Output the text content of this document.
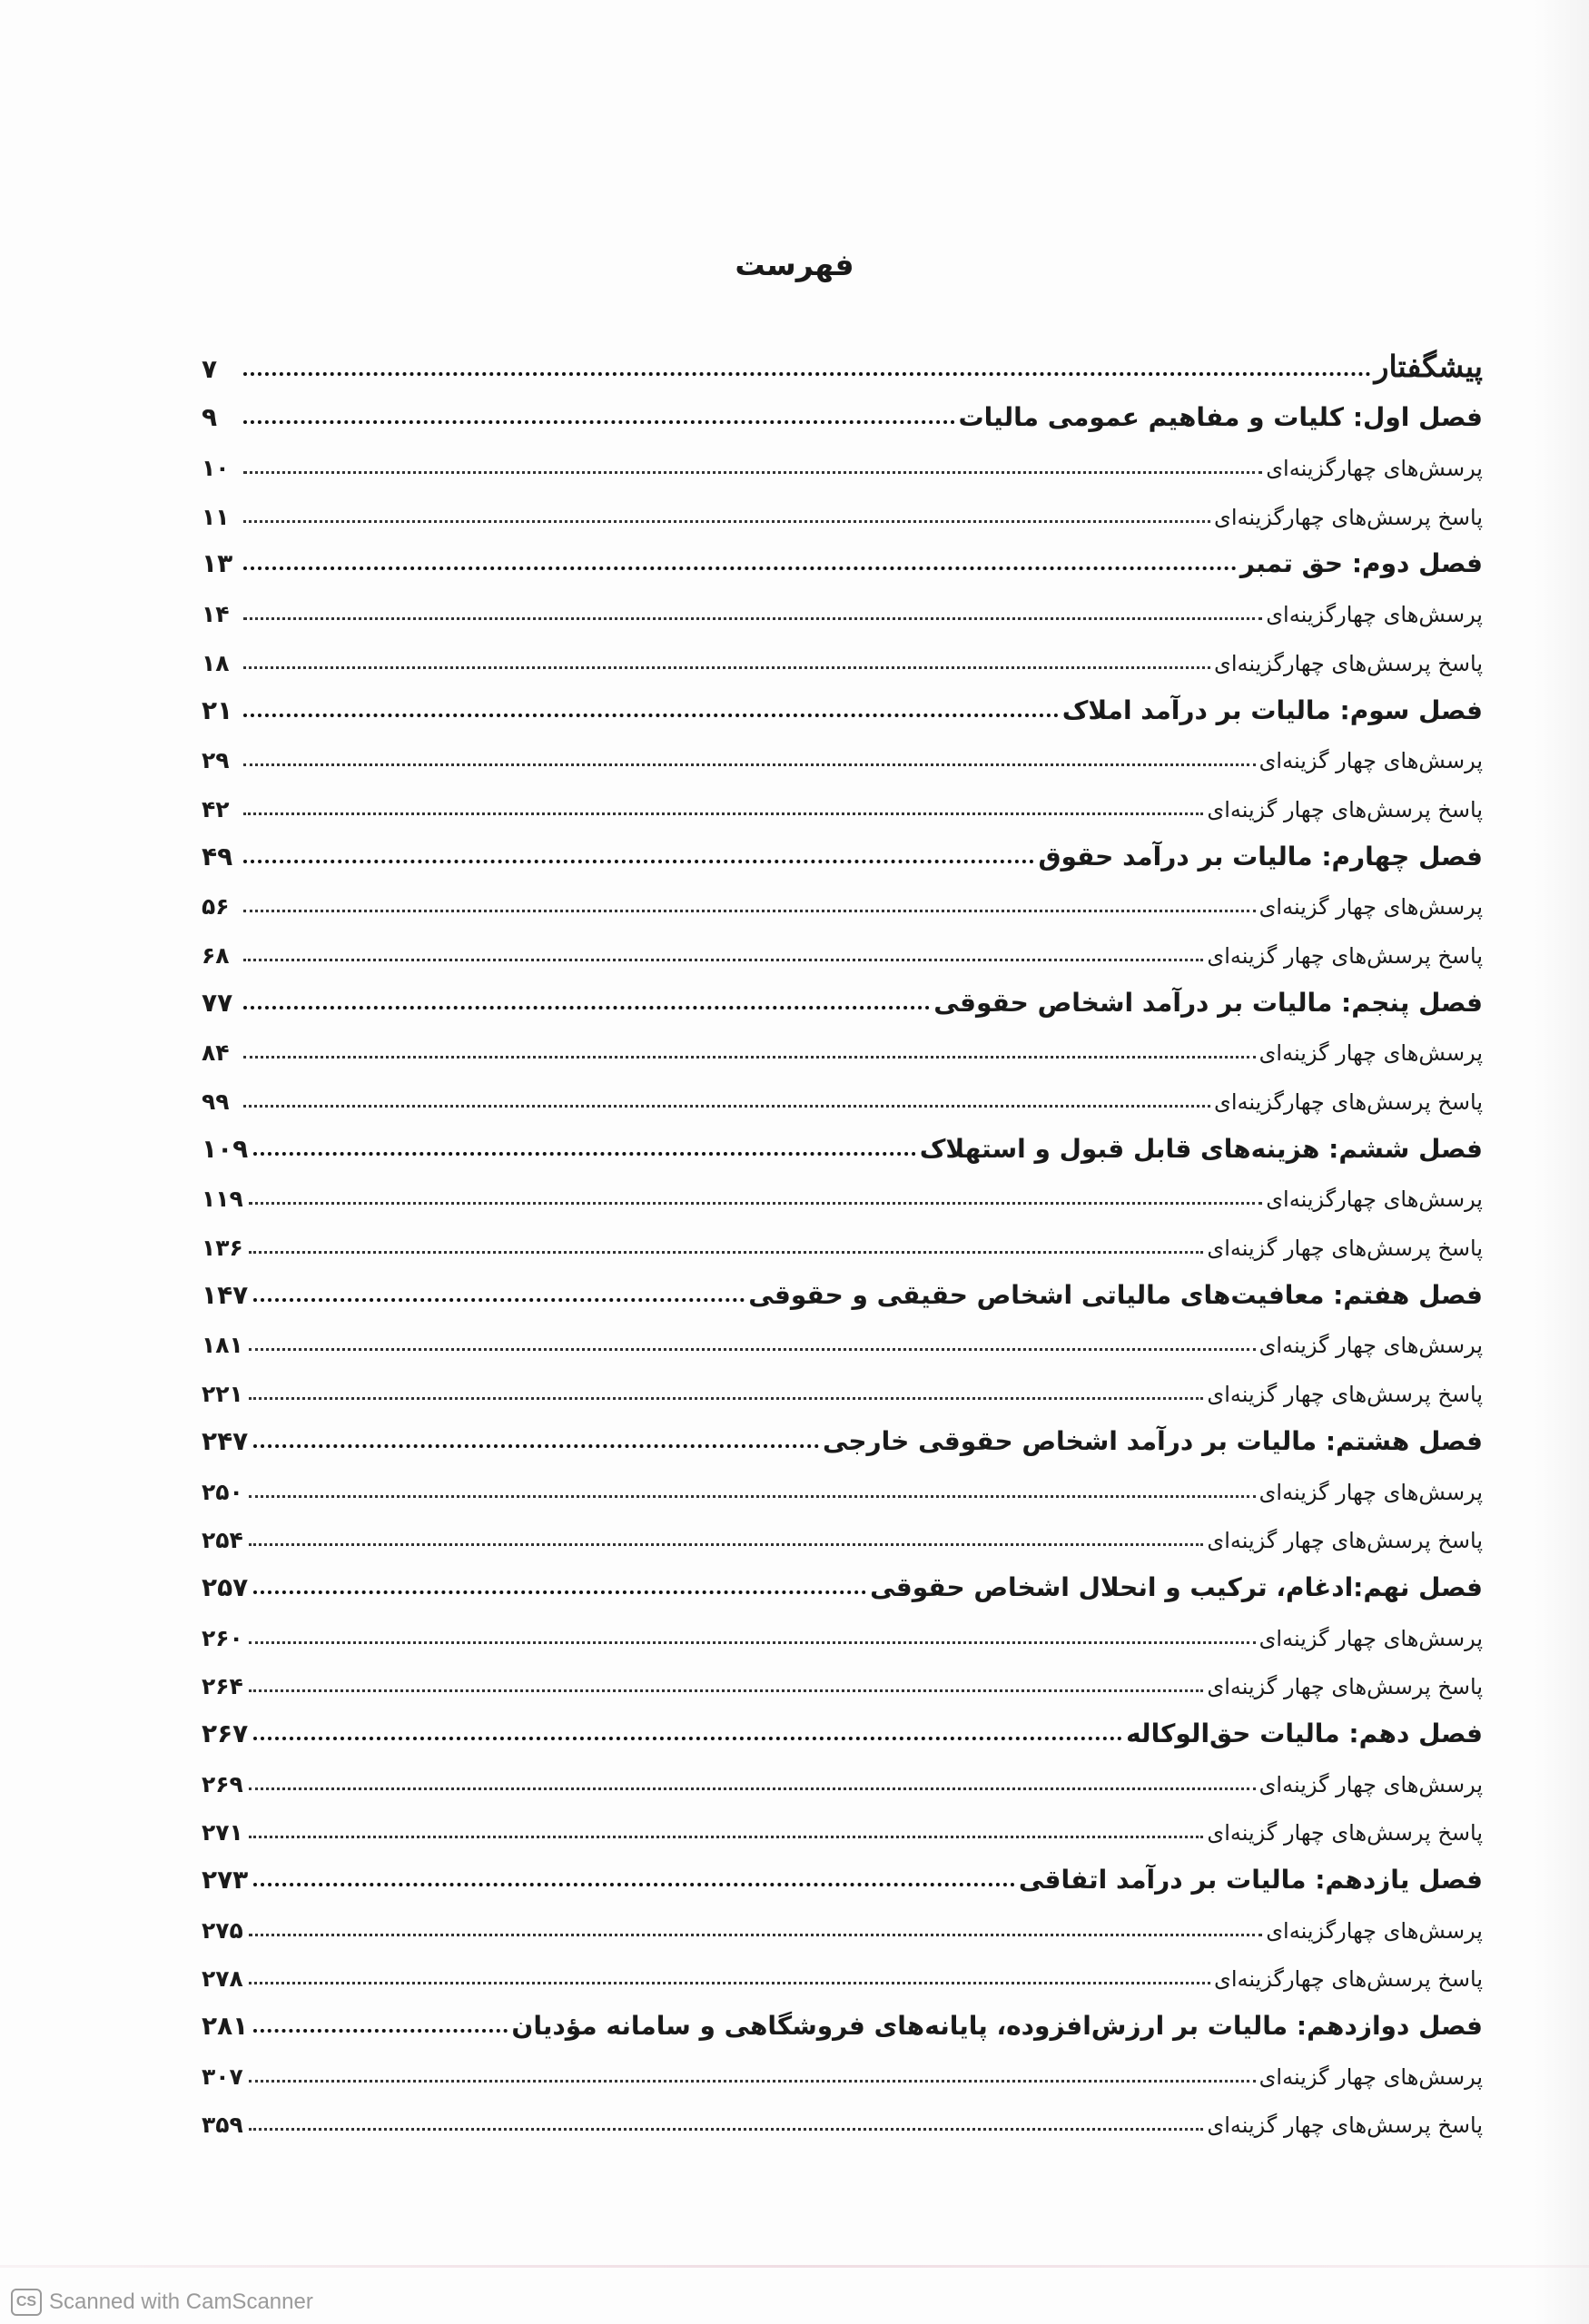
فهرست
پیشگفتار
۷
فصل اول: کلیات و مفاهیم عمومی مالیات
۹
پرسش‌های چهارگزینه‌ای
۱۰
پاسخ پرسش‌های چهارگزینه‌ای
۱۱
فصل دوم: حق تمبر
۱۳
پرسش‌های چهارگزینه‌ای
۱۴
پاسخ پرسش‌های چهارگزینه‌ای
۱۸
فصل سوم: مالیات بر درآمد املاک
۲۱
پرسش‌های چهار گزینه‌ای
۲۹
پاسخ پرسش‌های چهار گزینه‌ای
۴۲
فصل چهارم: مالیات بر درآمد حقوق
۴۹
پرسش‌های چهار گزینه‌ای
۵۶
پاسخ پرسش‌های چهار گزینه‌ای
۶۸
فصل پنجم: مالیات بر درآمد اشخاص حقوقی
۷۷
پرسش‌های چهار گزینه‌ای
۸۴
پاسخ پرسش‌های چهارگزینه‌ای
۹۹
فصل ششم: هزینه‌های قابل قبول و استهلاک
۱۰۹
پرسش‌های چهارگزینه‌ای
۱۱۹
پاسخ پرسش‌های چهار گزینه‌ای
۱۳۶
فصل هفتم: معافیت‌های مالیاتی اشخاص حقیقی و حقوقی
۱۴۷
پرسش‌های چهار گزینه‌ای
۱۸۱
پاسخ پرسش‌های چهار گزینه‌ای
۲۲۱
فصل هشتم: مالیات بر درآمد اشخاص حقوقی خارجی
۲۴۷
پرسش‌های چهار گزینه‌ای
۲۵۰
پاسخ پرسش‌های چهار گزینه‌ای
۲۵۴
فصل نهم:ادغام، ترکیب و انحلال اشخاص حقوقی
۲۵۷
پرسش‌های چهار گزینه‌ای
۲۶۰
پاسخ پرسش‌های چهار گزینه‌ای
۲۶۴
فصل دهم: مالیات حق‌الوکاله
۲۶۷
پرسش‌های چهار گزینه‌ای
۲۶۹
پاسخ پرسش‌های چهار گزینه‌ای
۲۷۱
فصل یازدهم: مالیات بر درآمد اتفاقی
۲۷۳
پرسش‌های چهارگزینه‌ای
۲۷۵
پاسخ پرسش‌های چهارگزینه‌ای
۲۷۸
فصل دوازدهم: مالیات بر ارزش‌افزوده، پایانه‌های فروشگاهی و سامانه مؤدیان
۲۸۱
پرسش‌های چهار گزینه‌ای
۳۰۷
پاسخ پرسش‌های چهار گزینه‌ای
۳۵۹
CS Scanned with CamScanner
